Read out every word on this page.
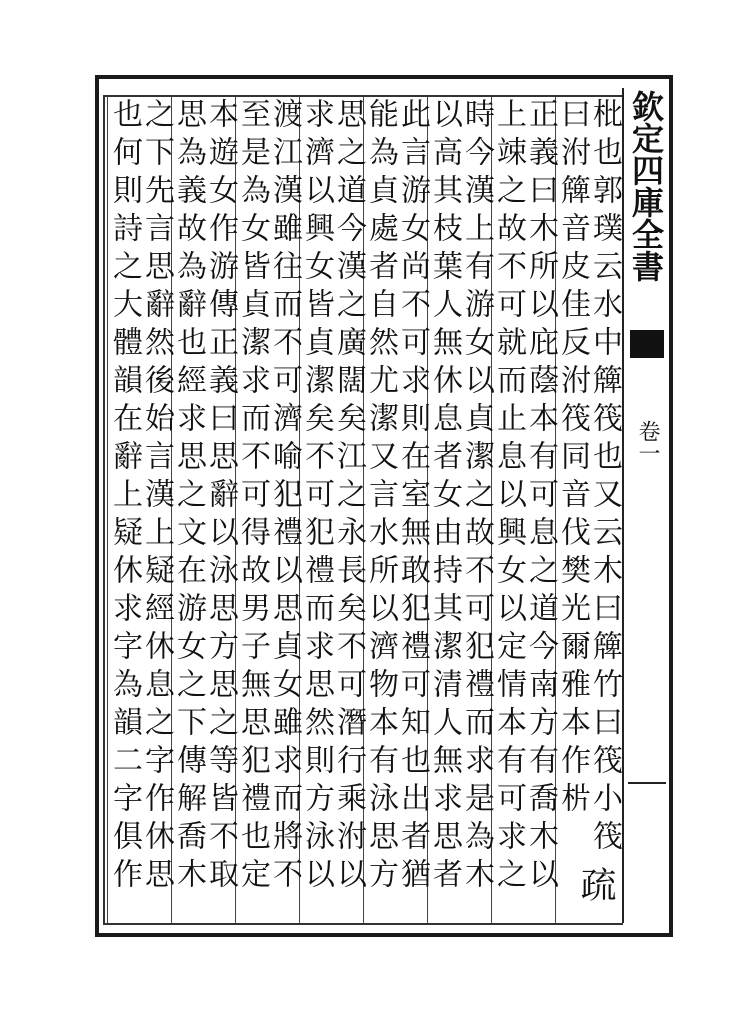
欽定四庫全書
卷一
枇也郭璞云水中簰筏也又云木曰簰竹曰筏小筏
曰泭簰音皮佳反泭筏同音伐樊光爾雅本作㭊
正義曰木所以庇蔭本有可息之道今南方有喬木以
上竦之故不可就而止息以興女以定情本有可求之
時今漢上有游女以貞潔之故不可犯禮而求是為木
以高其枝葉人無休息者女由持其潔清人無求思者
此言游女尚不可求則在室無敢犯禮可知也出者猶
能為貞處者自然尤潔又言水所以濟物本有泳思方
思之道今漢之廣闊矣江之永長矣不可潛行乘泭以
求濟以興女皆貞潔矣不可犯禮而求思然則方泳以
渡江漢雖往而不可濟喻犯禮以思貞女雖求而將不
至是為女皆貞潔求而不可得故男子無思犯禮也定
本遊女作游傳正義曰思辭以泳思方思之等皆不取
思為義故為辭也經求思之文在游女之下傳解喬木
之下先言思辭然後始言漢上疑經休息之字作休思
也何則詩之大體韻在辭上疑休求字為韻二字俱作	疏
